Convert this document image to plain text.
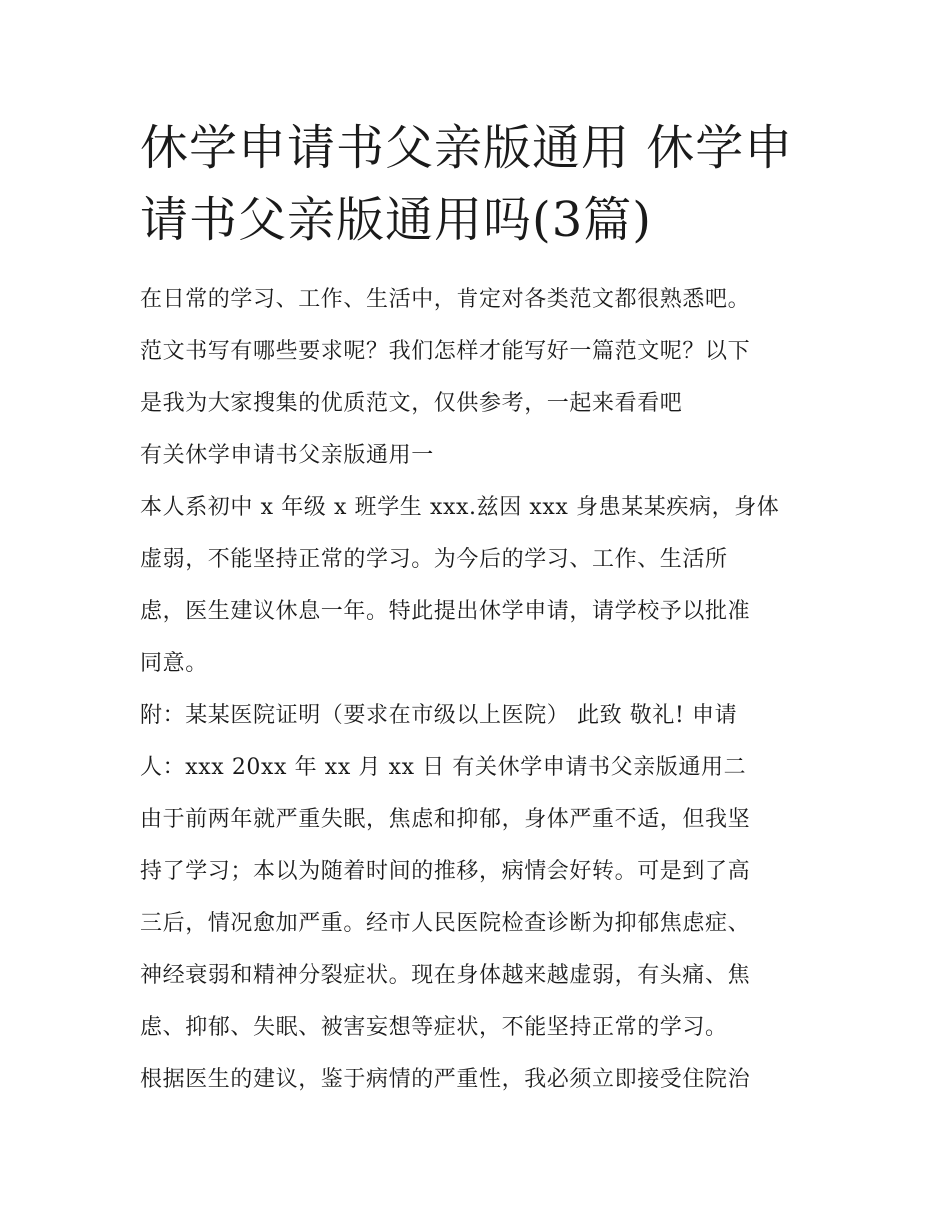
休学申请书父亲版通用 休学申
请书父亲版通用吗(3篇)
在日常的学习、工作、生活中，肯定对各类范文都很熟悉吧。
范文书写有哪些要求呢？我们怎样才能写好一篇范文呢？以下
是我为大家搜集的优质范文，仅供参考，一起来看看吧
有关休学申请书父亲版通用一
本人系初中 x 年级 x 班学生 xxx.兹因 xxx 身患某某疾病，身体
虚弱，不能坚持正常的学习。为今后的学习、工作、生活所
虑，医生建议休息一年。特此提出休学申请，请学校予以批准
同意。
附：某某医院证明（要求在市级以上医院） 此致 敬礼! 申请
人：xxx 20xx 年 xx 月 xx 日 有关休学申请书父亲版通用二
由于前两年就严重失眠，焦虑和抑郁，身体严重不适，但我坚
持了学习；本以为随着时间的推移，病情会好转。可是到了高
三后，情况愈加严重。经市人民医院检查诊断为抑郁焦虑症、
神经衰弱和精神分裂症状。现在身体越来越虚弱，有头痛、焦
虑、抑郁、失眠、被害妄想等症状，不能坚持正常的学习。
根据医生的建议，鉴于病情的严重性，我必须立即接受住院治
